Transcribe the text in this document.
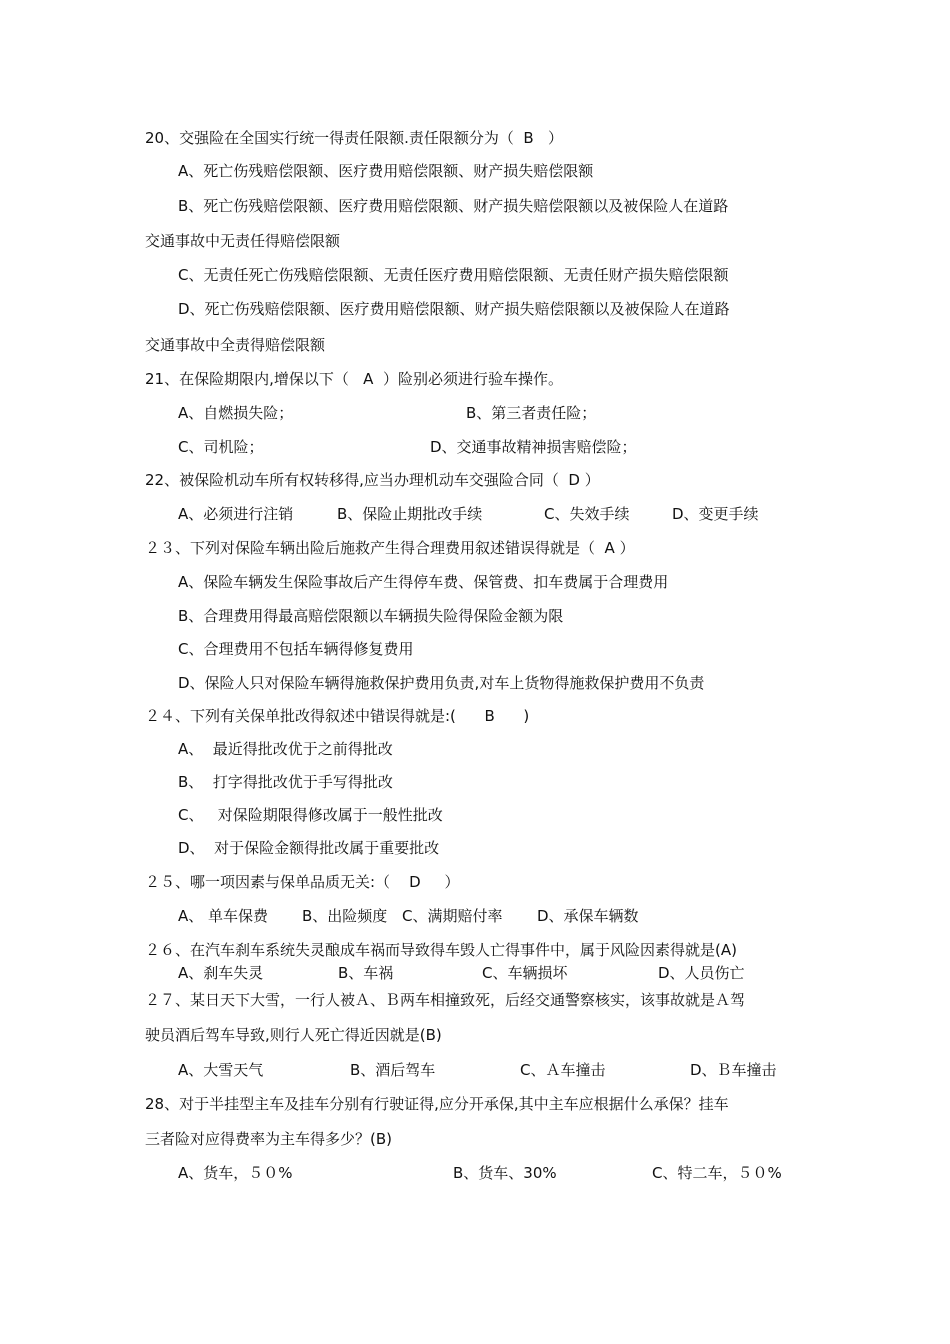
20、交强险在全国实行统一得责任限额.责任限额分为（  B   ）
A、死亡伤残赔偿限额、医疗费用赔偿限额、财产损失赔偿限额
B、死亡伤残赔偿限额、医疗费用赔偿限额、财产损失赔偿限额以及被保险人在道路
交通事故中无责任得赔偿限额
C、无责任死亡伤残赔偿限额、无责任医疗费用赔偿限额、无责任财产损失赔偿限额
D、死亡伤残赔偿限额、医疗费用赔偿限额、财产损失赔偿限额以及被保险人在道路
交通事故中全责得赔偿限额
21、在保险期限内,增保以下（   A  ）险别必须进行验车操作。
A、自燃损失险；	B、第三者责任险；
C、司机险；	D、交通事故精神损害赔偿险；
22、被保险机动车所有权转移得,应当办理机动车交强险合同（  D ）
A、必须进行注销	B、保险止期批改手续	C、失效手续	D、变更手续
２３、下列对保险车辆出险后施救产生得合理费用叙述错误得就是（  A ）
A、保险车辆发生保险事故后产生得停车费、保管费、扣车费属于合理费用
B、合理费用得最高赔偿限额以车辆损失险得保险金额为限
C、合理费用不包括车辆得修复费用
D、保险人只对保险车辆得施救保护费用负责,对车上货物得施救保护费用不负责
２４、下列有关保单批改得叙述中错误得就是:(      B      )
A、  最近得批改优于之前得批改
B、  打字得批改优于手写得批改
C、   对保险期限得修改属于一般性批改
D、  对于保险金额得批改属于重要批改
２５、哪一项因素与保单品质无关:（    D     ）
A、 单车保费 B、出险频度 C、满期赔付率 D、承保车辆数
２６、在汽车刹车系统失灵酿成车祸而导致得车毁人亡得事件中，属于风险因素得就是(A)
A、刹车失灵	B、车祸	C、车辆损坏	D、人员伤亡
２７、某日天下大雪，一行人被Ａ、Ｂ两车相撞致死，后经交通警察核实，该事故就是Ａ驾
驶员酒后驾车导致,则行人死亡得近因就是(B)
A、大雪天气	B、酒后驾车	C、Ａ车撞击	D、Ｂ车撞击
28、对于半挂型主车及挂车分别有行驶证得,应分开承保,其中主车应根据什么承保？挂车
三者险对应得费率为主车得多少？(B)
A、货车，５０%	B、货车、30%	C、特二车，５０%
